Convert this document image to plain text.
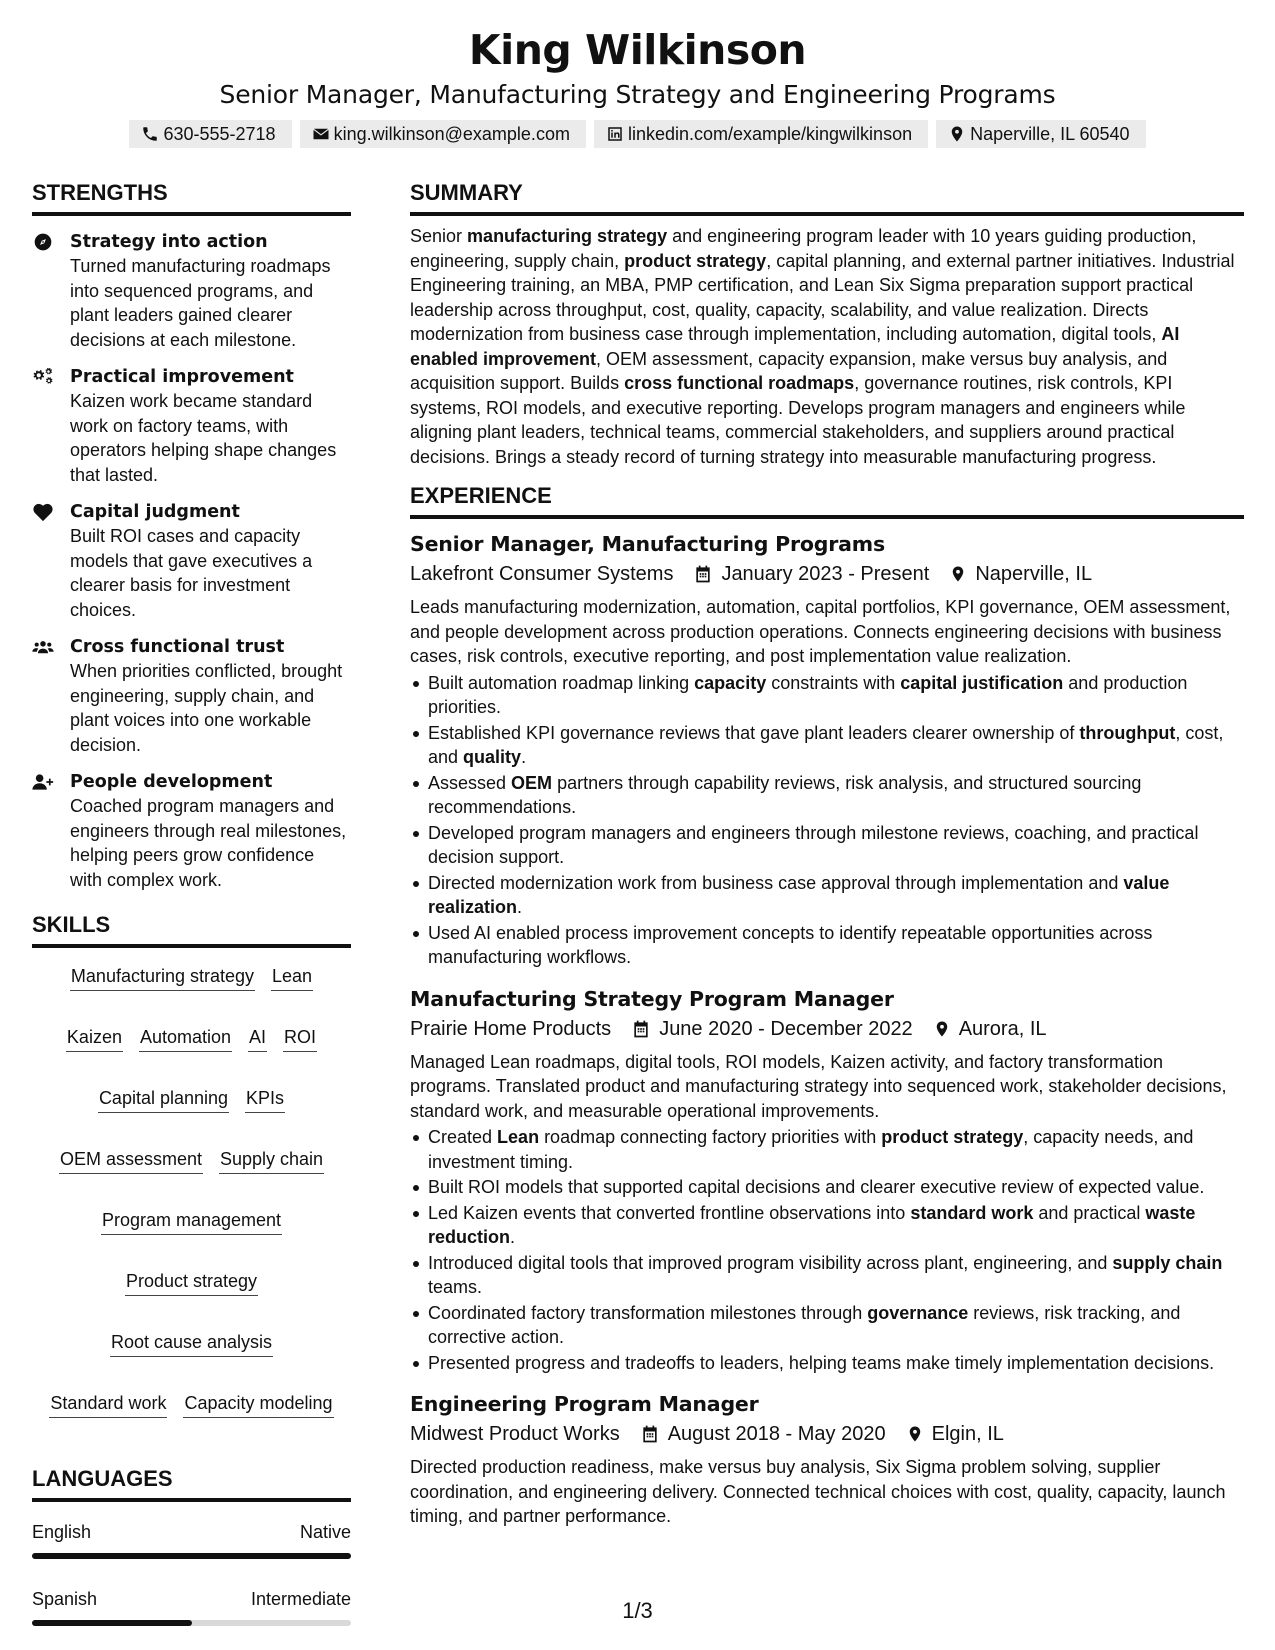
King Wilkinson
Senior Manager, Manufacturing Strategy and Engineering Programs
630-555-2718	king.wilkinson@example.com	linkedin.com/example/kingwilkinson	Naperville, IL 60540
STRENGTHS
Strategy into action
Turned manufacturing roadmaps into sequenced programs, and plant leaders gained clearer decisions at each milestone.
Practical improvement
Kaizen work became standard work on factory teams, with operators helping shape changes that lasted.
Capital judgment
Built ROI cases and capacity models that gave executives a clearer basis for investment choices.
Cross functional trust
When priorities conflicted, brought engineering, supply chain, and plant voices into one workable decision.
People development
Coached program managers and engineers through real milestones, helping peers grow confidence with complex work.
SKILLS
Manufacturing strategy Lean
Kaizen Automation AI ROI
Capital planning KPIs
OEM assessment Supply chain
Program management
Product strategy
Root cause analysis
Standard work Capacity modeling
LANGUAGES
English	Native
Spanish	Intermediate
SUMMARY
Senior manufacturing strategy and engineering program leader with 10 years guiding production, engineering, supply chain, product strategy, capital planning, and external partner initiatives. Industrial Engineering training, an MBA, PMP certification, and Lean Six Sigma preparation support practical leadership across throughput, cost, quality, capacity, scalability, and value realization. Directs modernization from business case through implementation, including automation, digital tools, AI enabled improvement, OEM assessment, capacity expansion, make versus buy analysis, and acquisition support. Builds cross functional roadmaps, governance routines, risk controls, KPI systems, ROI models, and executive reporting. Develops program managers and engineers while aligning plant leaders, technical teams, commercial stakeholders, and suppliers around practical decisions. Brings a steady record of turning strategy into measurable manufacturing progress.
EXPERIENCE
Senior Manager, Manufacturing Programs
Lakefront Consumer Systems January 2023 - Present Naperville, IL
Leads manufacturing modernization, automation, capital portfolios, KPI governance, OEM assessment, and people development across production operations. Connects engineering decisions with business cases, risk controls, executive reporting, and post implementation value realization.
Built automation roadmap linking capacity constraints with capital justification and production priorities.
Established KPI governance reviews that gave plant leaders clearer ownership of throughput, cost, and quality.
Assessed OEM partners through capability reviews, risk analysis, and structured sourcing recommendations.
Developed program managers and engineers through milestone reviews, coaching, and practical decision support.
Directed modernization work from business case approval through implementation and value realization.
Used AI enabled process improvement concepts to identify repeatable opportunities across manufacturing workflows.
Manufacturing Strategy Program Manager
Prairie Home Products June 2020 - December 2022 Aurora, IL
Managed Lean roadmaps, digital tools, ROI models, Kaizen activity, and factory transformation programs. Translated product and manufacturing strategy into sequenced work, stakeholder decisions, standard work, and measurable operational improvements.
Created Lean roadmap connecting factory priorities with product strategy, capacity needs, and investment timing.
Built ROI models that supported capital decisions and clearer executive review of expected value.
Led Kaizen events that converted frontline observations into standard work and practical waste reduction.
Introduced digital tools that improved program visibility across plant, engineering, and supply chain teams.
Coordinated factory transformation milestones through governance reviews, risk tracking, and corrective action.
Presented progress and tradeoffs to leaders, helping teams make timely implementation decisions.
Engineering Program Manager
Midwest Product Works August 2018 - May 2020 Elgin, IL
Directed production readiness, make versus buy analysis, Six Sigma problem solving, supplier coordination, and engineering delivery. Connected technical choices with cost, quality, capacity, launch timing, and partner performance.
1/3
